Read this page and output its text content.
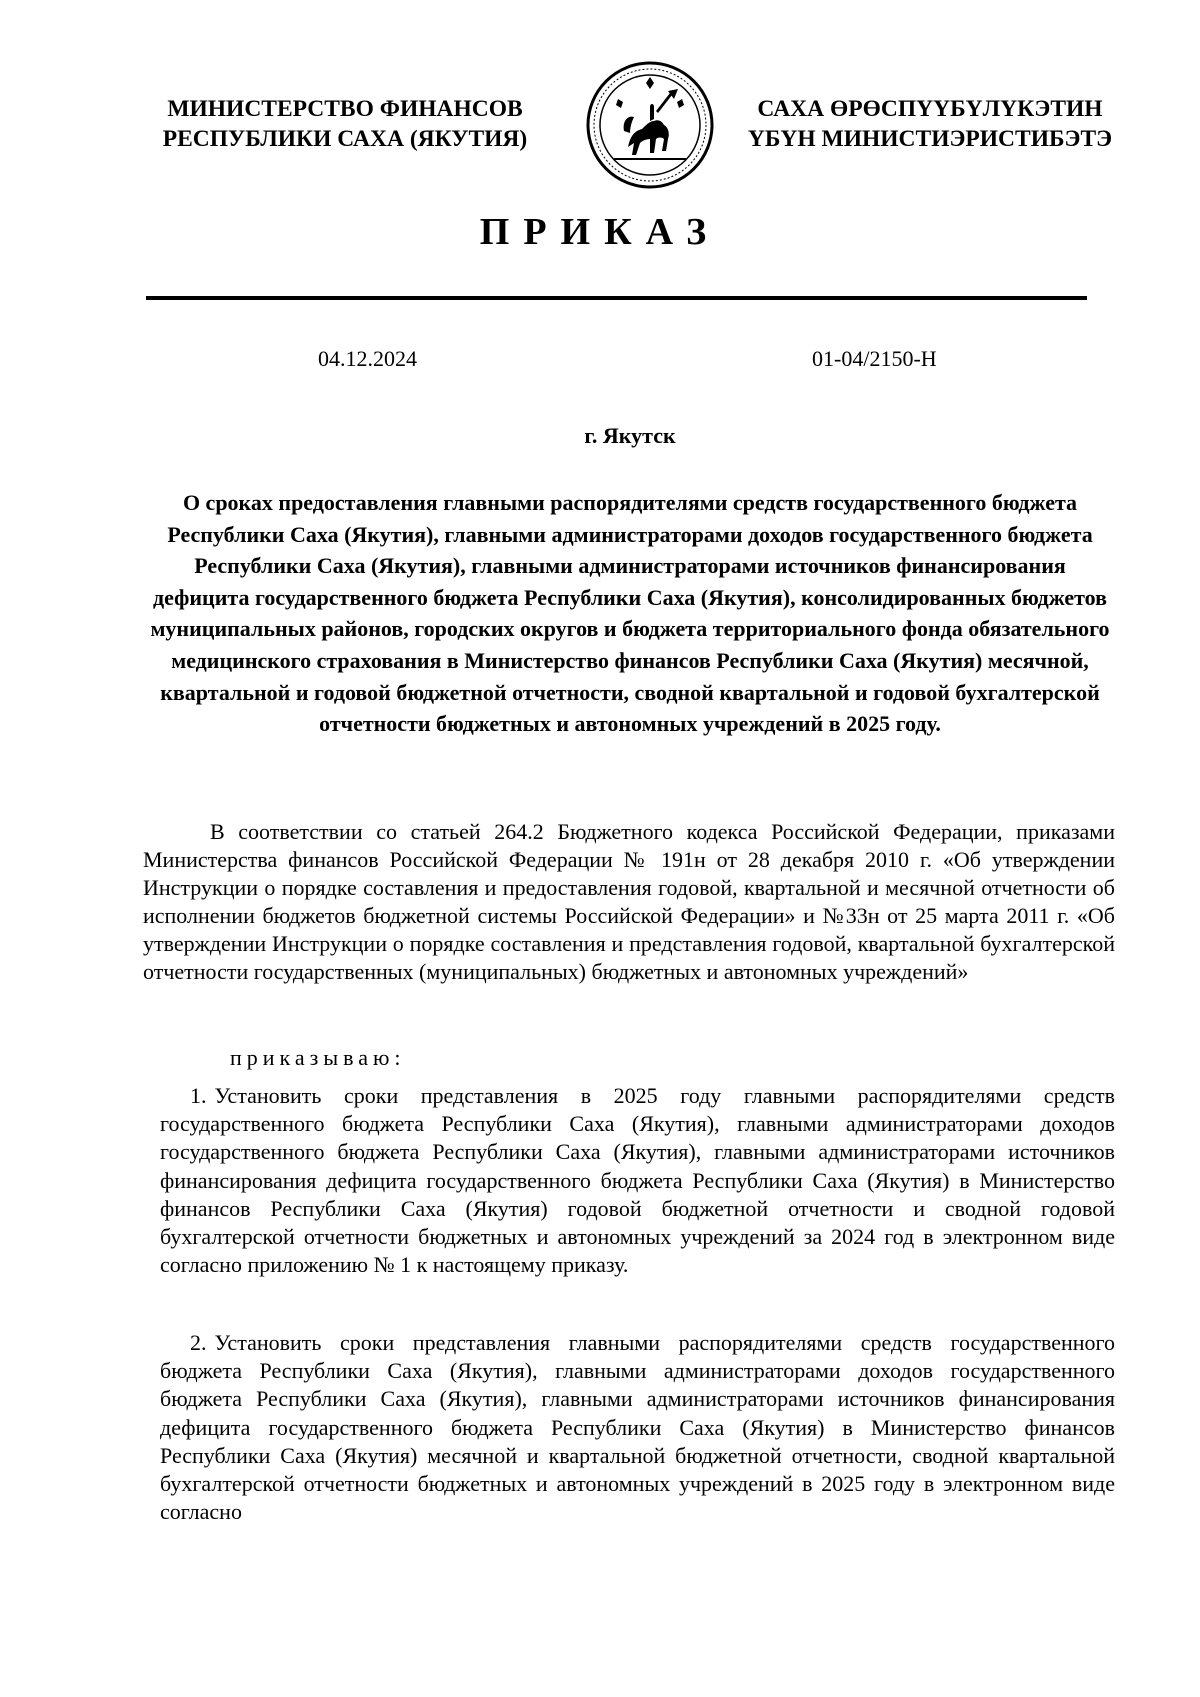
МИНИСТЕРСТВО ФИНАНСОВ
РЕСПУБЛИКИ САХА (ЯКУТИЯ)
САХА ӨРӨСПҮҮБҮЛҮКЭТИН
ҮБҮН МИНИСТИЭРИСТИБЭТЭ
ПРИКАЗ
04.12.2024	01-04/2150-Н
г. Якутск
О сроках предоставления главными распорядителями средств государственного бюджета Республики Саха (Якутия), главными администраторами доходов государственного бюджета Республики Саха (Якутия), главными администраторами источников финансирования дефицита государственного бюджета Республики Саха (Якутия), консолидированных бюджетов муниципальных районов, городских округов и бюджета территориального фонда обязательного медицинского страхования в Министерство финансов Республики Саха (Якутия) месячной, квартальной и годовой бюджетной отчетности, сводной квартальной и годовой бухгалтерской отчетности бюджетных и автономных учреждений в 2025 году.
В соответствии со статьей 264.2 Бюджетного кодекса Российской Федерации, приказами Министерства финансов Российской Федерации № 191н от 28 декабря 2010 г. «Об утверждении Инструкции о порядке составления и предоставления годовой, квартальной и месячной отчетности об исполнении бюджетов бюджетной системы Российской Федерации» и №33н от 25 марта 2011 г. «Об утверждении Инструкции о порядке составления и представления годовой, квартальной бухгалтерской отчетности государственных (муниципальных) бюджетных и автономных учреждений»
приказываю:
1. Установить сроки представления в 2025 году главными распорядителями средств государственного бюджета Республики Саха (Якутия), главными администраторами доходов государственного бюджета Республики Саха (Якутия), главными администраторами источников финансирования дефицита государственного бюджета Республики Саха (Якутия) в Министерство финансов Республики Саха (Якутия) годовой бюджетной отчетности и сводной годовой бухгалтерской отчетности бюджетных и автономных учреждений за 2024 год в электронном виде согласно приложению № 1 к настоящему приказу.
2. Установить сроки представления главными распорядителями средств государственного бюджета Республики Саха (Якутия), главными администраторами доходов государственного бюджета Республики Саха (Якутия), главными администраторами источников финансирования дефицита государственного бюджета Республики Саха (Якутия) в Министерство финансов Республики Саха (Якутия) месячной и квартальной бюджетной отчетности, сводной квартальной бухгалтерской отчетности бюджетных и автономных учреждений в 2025 году в электронном виде согласно
